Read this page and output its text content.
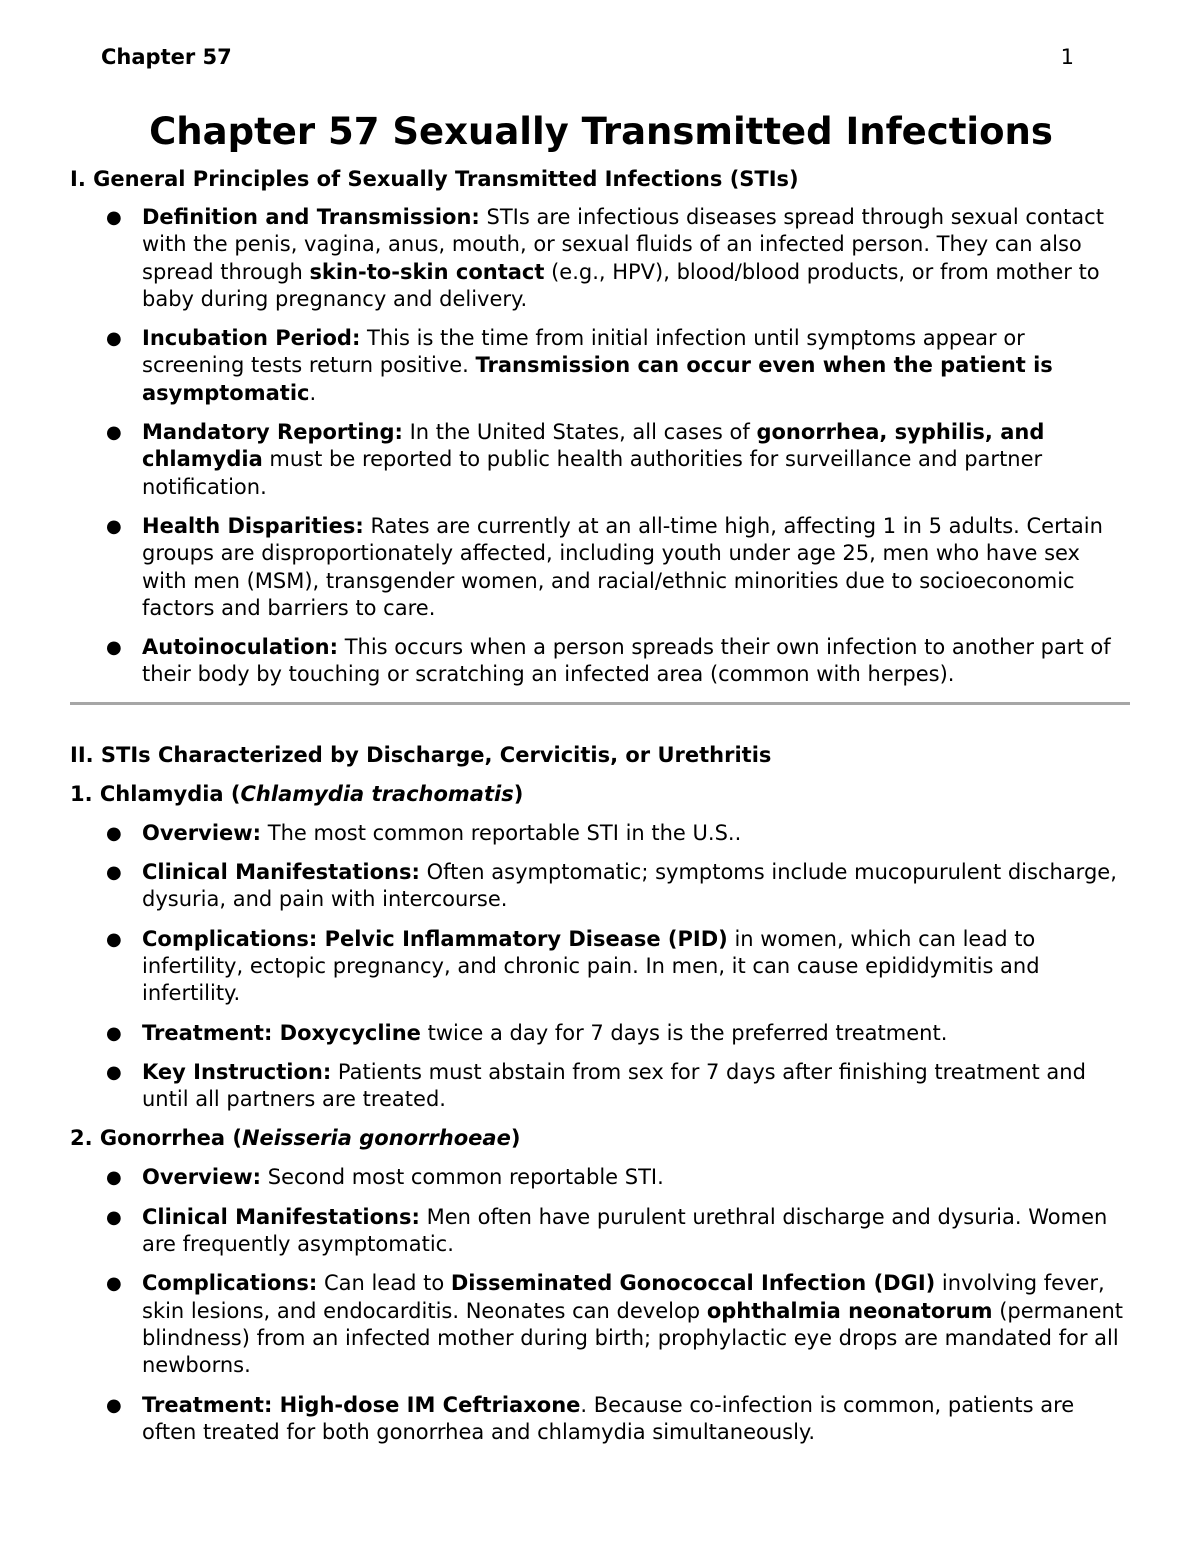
Chapter 57	1
Chapter 57 Sexually Transmitted Infections
I. General Principles of Sexually Transmitted Infections (STIs)
● Definition and Transmission: STIs are infectious diseases spread through sexual contact with the penis, vagina, anus, mouth, or sexual fluids of an infected person. They can also spread through skin-to-skin contact (e.g., HPV), blood/blood products, or from mother to baby during pregnancy and delivery.
● Incubation Period: This is the time from initial infection until symptoms appear or screening tests return positive. Transmission can occur even when the patient is asymptomatic.
● Mandatory Reporting: In the United States, all cases of gonorrhea, syphilis, and chlamydia must be reported to public health authorities for surveillance and partner notification.
● Health Disparities: Rates are currently at an all-time high, affecting 1 in 5 adults. Certain groups are disproportionately affected, including youth under age 25, men who have sex with men (MSM), transgender women, and racial/ethnic minorities due to socioeconomic factors and barriers to care.
● Autoinoculation: This occurs when a person spreads their own infection to another part of their body by touching or scratching an infected area (common with herpes).
II. STIs Characterized by Discharge, Cervicitis, or Urethritis
1. Chlamydia (Chlamydia trachomatis)
● Overview: The most common reportable STI in the U.S..
● Clinical Manifestations: Often asymptomatic; symptoms include mucopurulent discharge, dysuria, and pain with intercourse.
● Complications: Pelvic Inflammatory Disease (PID) in women, which can lead to infertility, ectopic pregnancy, and chronic pain. In men, it can cause epididymitis and infertility.
● Treatment: Doxycycline twice a day for 7 days is the preferred treatment.
● Key Instruction: Patients must abstain from sex for 7 days after finishing treatment and until all partners are treated.
2. Gonorrhea (Neisseria gonorrhoeae)
● Overview: Second most common reportable STI.
● Clinical Manifestations: Men often have purulent urethral discharge and dysuria. Women are frequently asymptomatic.
● Complications: Can lead to Disseminated Gonococcal Infection (DGI) involving fever, skin lesions, and endocarditis. Neonates can develop ophthalmia neonatorum (permanent blindness) from an infected mother during birth; prophylactic eye drops are mandated for all newborns.
● Treatment: High-dose IM Ceftriaxone. Because co-infection is common, patients are often treated for both gonorrhea and chlamydia simultaneously.
